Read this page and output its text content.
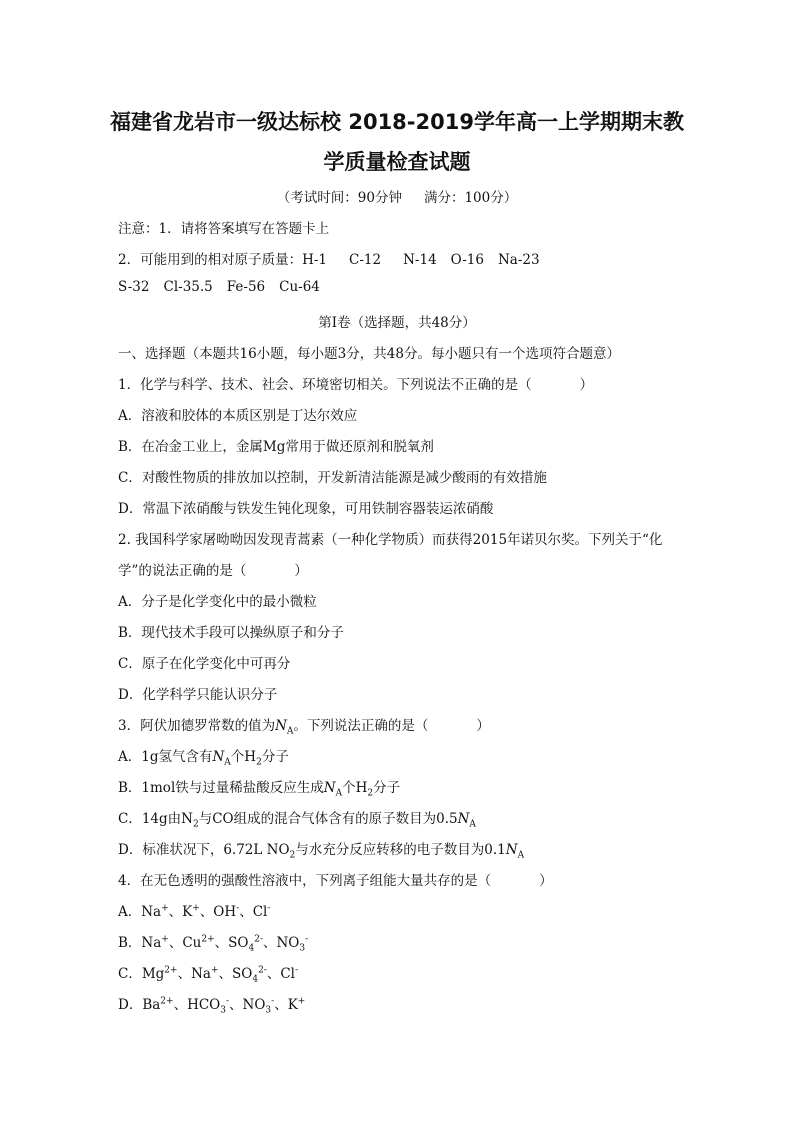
福建省龙岩市一级达标校 2018-2019学年高一上学期期末教
学质量检查试题
（考试时间：90分钟 满分：100分）
注意：1．请将答案填写在答题卡上
2．可能用到的相对原子质量：H-1 C-12 N-14 O-16 Na-23
S-32 Cl-35.5 Fe-56 Cu-64
第Ⅰ卷（选择题，共48分）
一、选择题（本题共16小题，每小题3分，共48分。每小题只有一个选项符合题意）
1．化学与科学、技术、社会、环境密切相关。下列说法不正确的是（	）
A．溶液和胶体的本质区别是丁达尔效应
B．在冶金工业上，金属Mg常用于做还原剂和脱氧剂
C．对酸性物质的排放加以控制，开发新清洁能源是减少酸雨的有效措施
D．常温下浓硝酸与铁发生钝化现象，可用铁制容器装运浓硝酸
2. 我国科学家屠呦呦因发现青蒿素（一种化学物质）而获得2015年诺贝尔奖。下列关于“化
学”的说法正确的是（	）
A．分子是化学变化中的最小微粒
B．现代技术手段可以操纵原子和分子
C．原子在化学变化中可再分
D．化学科学只能认识分子
3．阿伏加德罗常数的值为$N_A$。下列说法正确的是（	）
A．1g氢气含有$N_A$个$H_2$分子
B．1mol铁与过量稀盐酸反应生成$N_A$个$H_2$分子
C．14g由$N_2$与CO组成的混合气体含有的原子数目为$0.5N_A$
D．标准状况下，6.72L $NO_2$与水充分反应转移的电子数目为$0.1N_A$
4．在无色透明的强酸性溶液中，下列离子组能大量共存的是（	）
A．Na+、K+、OH-、Cl-
B．Na+、$Cu^{2+}$、$SO_4^{2-}$、$NO_3^-$
C．$Mg^{2+}$、Na+、$SO_4^{2-}$、Cl-
D．$Ba^{2+}$、$HCO_3^-$、$NO_3^-$、K+
